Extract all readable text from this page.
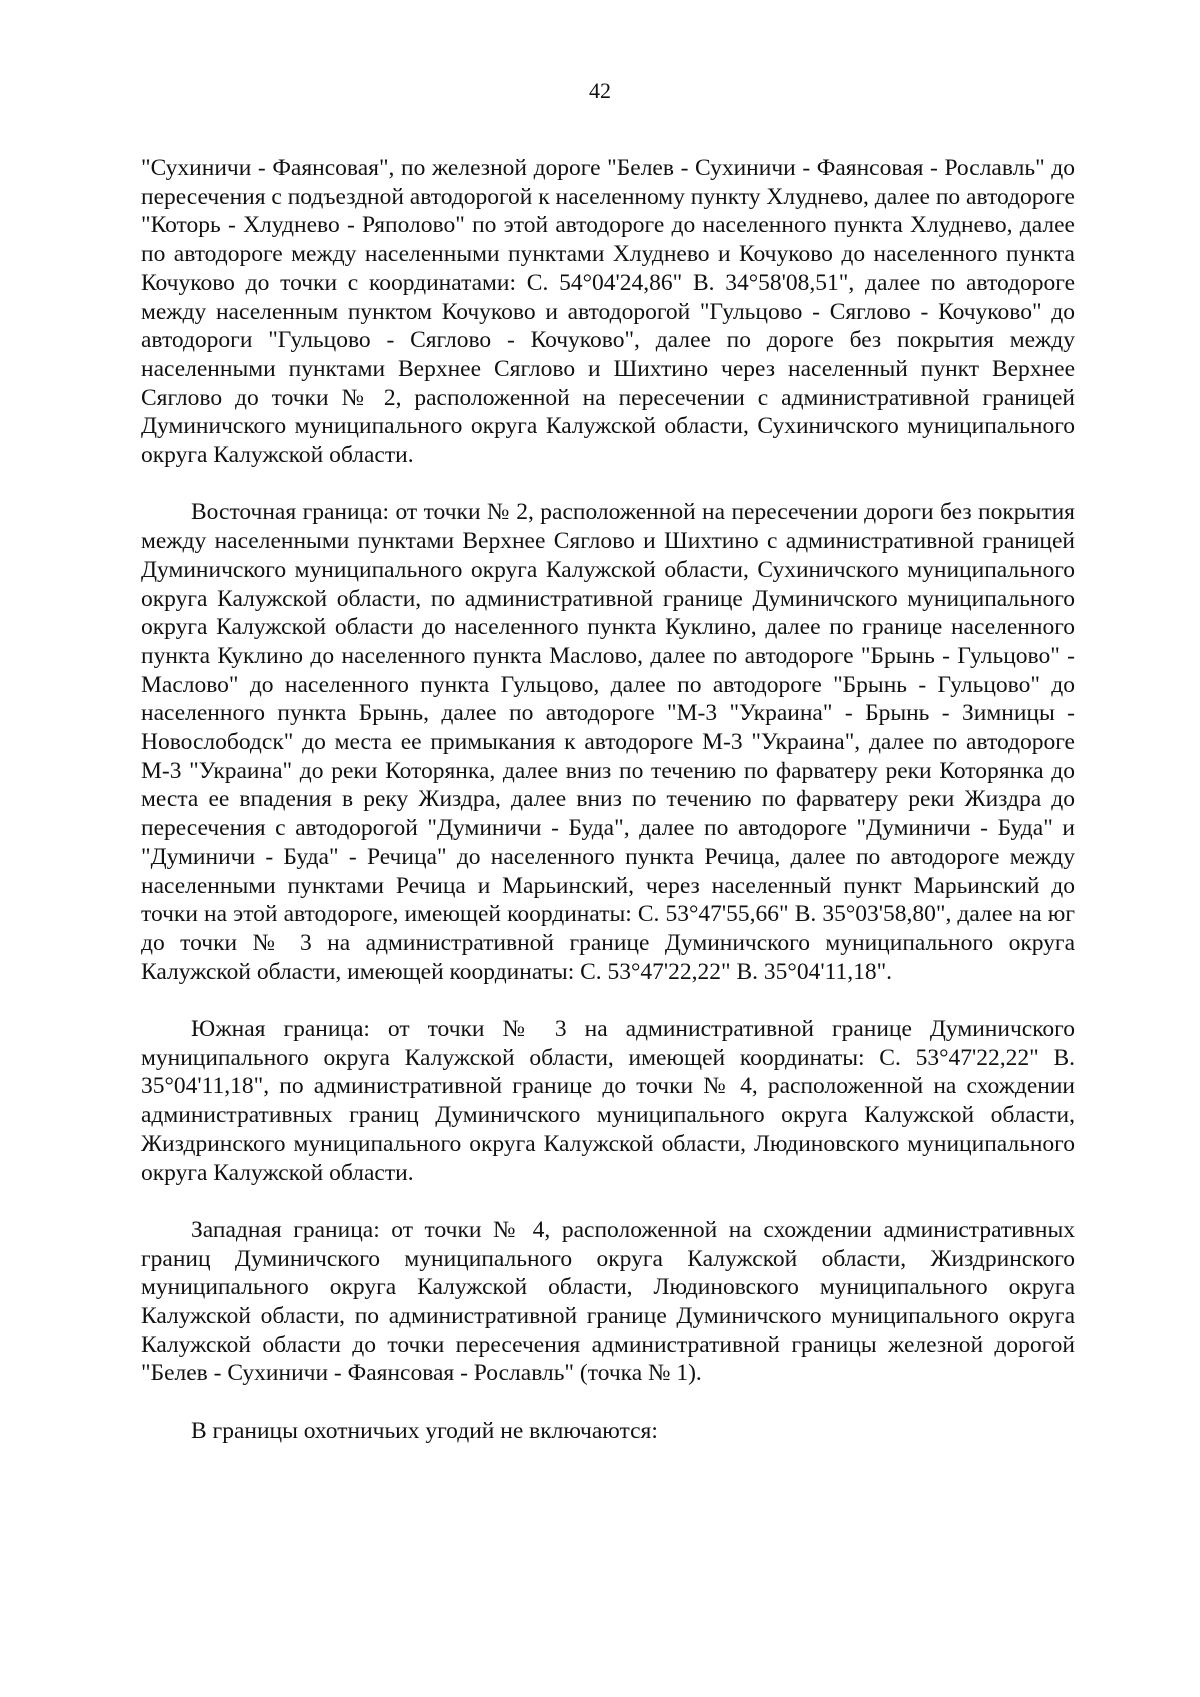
42

"Сухиничи - Фаянсовая", по железной дороге "Белев - Сухиничи - Фаянсовая - Рославль" до пересечения с подъездной автодорогой к населенному пункту Хлуднево, далее по автодороге "Которь - Хлуднево - Ряполово" по этой автодороге до населенного пункта Хлуднево, далее по автодороге между населенными пунктами Хлуднево и Кочуково до населенного пункта Кочуково до точки с координатами: С. 54°04'24,86" В. 34°58'08,51", далее по автодороге между населенным пунктом Кочуково и автодорогой "Гульцово - Сяглово - Кочуково" до автодороги "Гульцово - Сяглово - Кочуково", далее по дороге без покрытия между населенными пунктами Верхнее Сяглово и Шихтино через населенный пункт Верхнее Сяглово до точки № 2, расположенной на пересечении с административной границей Думиничского муниципального округа Калужской области, Сухиничского муниципального округа Калужской области.

Восточная граница: от точки № 2, расположенной на пересечении дороги без покрытия между населенными пунктами Верхнее Сяглово и Шихтино с административной границей Думиничского муниципального округа Калужской области, Сухиничского муниципального округа Калужской области, по административной границе Думиничского муниципального округа Калужской области до населенного пункта Куклино, далее по границе населенного пункта Куклино до населенного пункта Маслово, далее по автодороге "Брынь - Гульцово" - Маслово" до населенного пункта Гульцово, далее по автодороге "Брынь - Гульцово" до населенного пункта Брынь, далее по автодороге "М-3 "Украина" - Брынь - Зимницы - Новослободск" до места ее примыкания к автодороге М-3 "Украина", далее по автодороге М-3 "Украина" до реки Которянка, далее вниз по течению по фарватеру реки Которянка до места ее впадения в реку Жиздра, далее вниз по течению по фарватеру реки Жиздра до пересечения с автодорогой "Думиничи - Буда", далее по автодороге "Думиничи - Буда" и "Думиничи - Буда" - Речица" до населенного пункта Речица, далее по автодороге между населенными пунктами Речица и Марьинский, через населенный пункт Марьинский до точки на этой автодороге, имеющей координаты: С. 53°47'55,66" В. 35°03'58,80", далее на юг до точки № 3 на административной границе Думиничского муниципального округа Калужской области, имеющей координаты: С. 53°47'22,22" В. 35°04'11,18".

Южная граница: от точки № 3 на административной границе Думиничского муниципального округа Калужской области, имеющей координаты: С. 53°47'22,22" В. 35°04'11,18", по административной границе до точки № 4, расположенной на схождении административных границ Думиничского муниципального округа Калужской области, Жиздринского муниципального округа Калужской области, Людиновского муниципального округа Калужской области.

Западная граница: от точки № 4, расположенной на схождении административных границ Думиничского муниципального округа Калужской области, Жиздринского муниципального округа Калужской области, Людиновского муниципального округа Калужской области, по административной границе Думиничского муниципального округа Калужской области до точки пересечения административной границы железной дорогой "Белев - Сухиничи - Фаянсовая - Рославль" (точка № 1).

В границы охотничьих угодий не включаются:
